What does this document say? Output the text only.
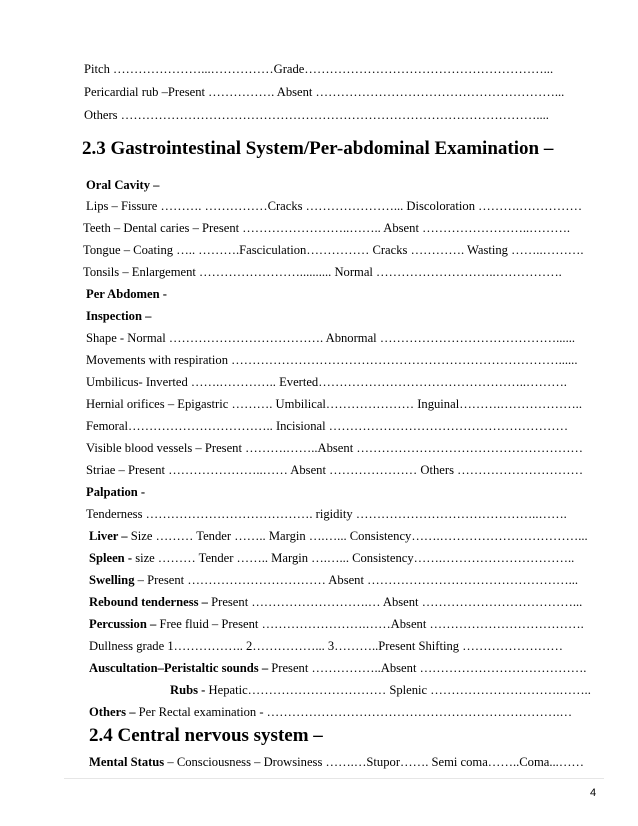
Pitch …………………...……………Grade…………………………………………………...
Pericardial rub –Present ……………. Absent …………………………………………………...
Others ………………………………………………………………………………………....
2.3 Gastrointestinal System/Per-abdominal Examination –
Oral Cavity –
Lips – Fissure ………. ……………Cracks …………………... Discoloration ……….……………
Teeth – Dental caries – Present ……………………..…….. Absent ……………………..……….
Tongue – Coating ….. ……….Fasciculation…………… Cracks …………. Wasting ……..……….
Tonsils – Enlargement …………………….......... Normal ………………………..…………….
Per Abdomen -
Inspection –
Shape - Normal ………………………………. Abnormal ……………………………………......
Movements with respiration ……………………………………………………………………......
Umbilicus- Inverted …….………….. Everted…………………………………………..……….
Hernial orifices – Epigastric ………. Umbilical………………… Inguinal……….………………..
Femoral…………………………….. Incisional …………………………………………………
Visible blood vessels – Present ……….……..Absent ………………………………………………
Striae – Present …………………..…… Absent ………………… Others …………………………
Palpation -
Tenderness …………………………………. rigidity ……………………………………..…….
Liver – Size ……… Tender …….. Margin ….…... Consistency…….……………………………...
Spleen - size ……… Tender …….. Margin ….…... Consistency…….…………………………..
Swelling – Present …………………………… Absent …………………………………………...
Rebound tenderness – Present ……………………….… Absent ………………………………...
Percussion – Free fluid – Present …………………….……Absent ……………………………….
Dullness grade 1…………….. 2……………... 3………..Present Shifting ……………………
Auscultation–Peristaltic sounds – Present ……………..Absent ………………………………….
Rubs - Hepatic…………………………… Splenic ………………………….……..
Others – Per Rectal examination - …………………………………………………………….…
2.4 Central nervous system –
Mental Status – Consciousness – Drowsiness …….…Stupor……. Semi coma……..Coma...……
4
